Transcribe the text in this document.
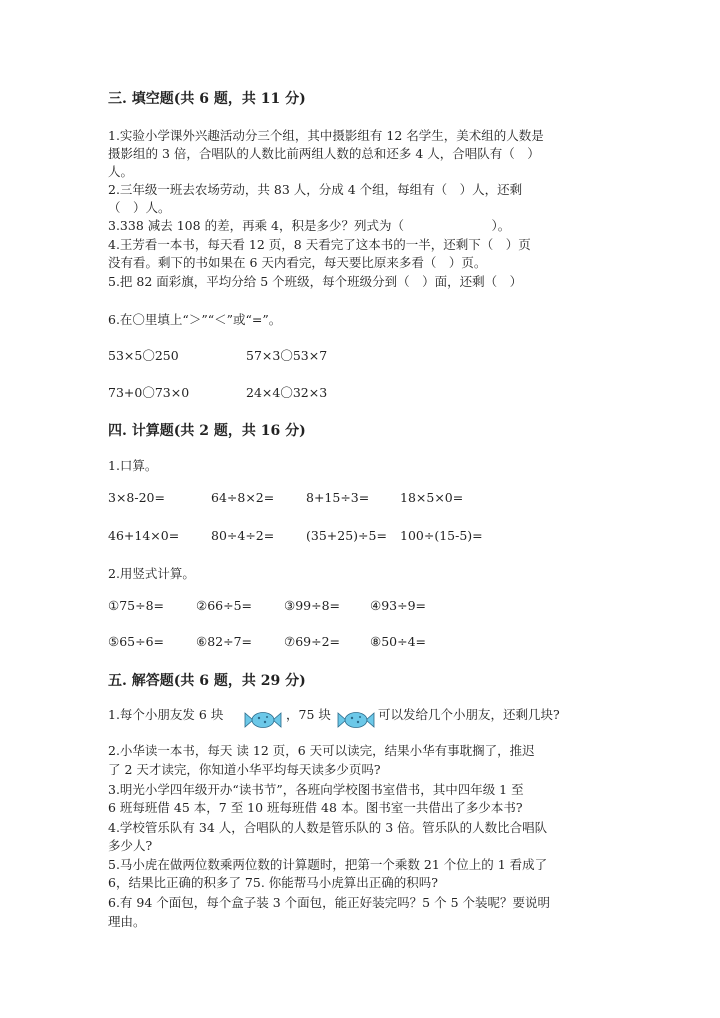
三. 填空题(共 6 题，共 11 分)
1.实验小学课外兴趣活动分三个组，其中摄影组有 12 名学生，美术组的人数是
摄影组的 3 倍，合唱队的人数比前两组人数的总和还多 4 人，合唱队有（　）
人。
2.三年级一班去农场劳动，共 83 人，分成 4 个组，每组有（　）人，还剩
（　）人。
3.338 减去 108 的差，再乘 4，积是多少？列式为（　　　　　　　）。
4.王芳看一本书，每天看 12 页，8 天看完了这本书的一半，还剩下（　）页
没有看。剩下的书如果在 6 天内看完，每天要比原来多看（　）页。
5.把 82 面彩旗，平均分给 5 个班级，每个班级分到（　）面，还剩（　）
6.在〇里填上“＞”“＜”或“=”。
53×5〇250	57×3〇53×7
73+0〇73×0	24×4〇32×3
四. 计算题(共 2 题，共 16 分)
1.口算。
3×8-20=	64÷8×2=	8+15÷3= 18×5×0=
46+14×0=	80÷4÷2=	(35+25)÷5= 100÷(15-5)=
2.用竖式计算。
①75÷8=	②66÷5=	③99÷8= ④93÷9=
⑤65÷6=	⑥82÷7=	⑦69÷2= ⑧50÷4=
五. 解答题(共 6 题，共 29 分)
1.每个小朋友发 6 块	，75 块	可以发给几个小朋友，还剩几块?
2.小华读一本书，每天 读 12 页，6 天可以读完，结果小华有事耽搁了，推迟
了 2 天才读完，你知道小华平均每天读多少页吗?
3.明光小学四年级开办“读书节”，各班向学校图书室借书，其中四年级 1 至
6 班每班借 45 本，7 至 10 班每班借 48 本。图书室一共借出了多少本书?
4.学校管乐队有 34 人，合唱队的人数是管乐队的 3 倍。管乐队的人数比合唱队
多少人?
5.马小虎在做两位数乘两位数的计算题时，把第一个乘数 21 个位上的 1 看成了
6，结果比正确的积多了 75. 你能帮马小虎算出正确的积吗?
6.有 94 个面包，每个盒子装 3 个面包，能正好装完吗？5 个 5 个装呢？要说明
理由。
